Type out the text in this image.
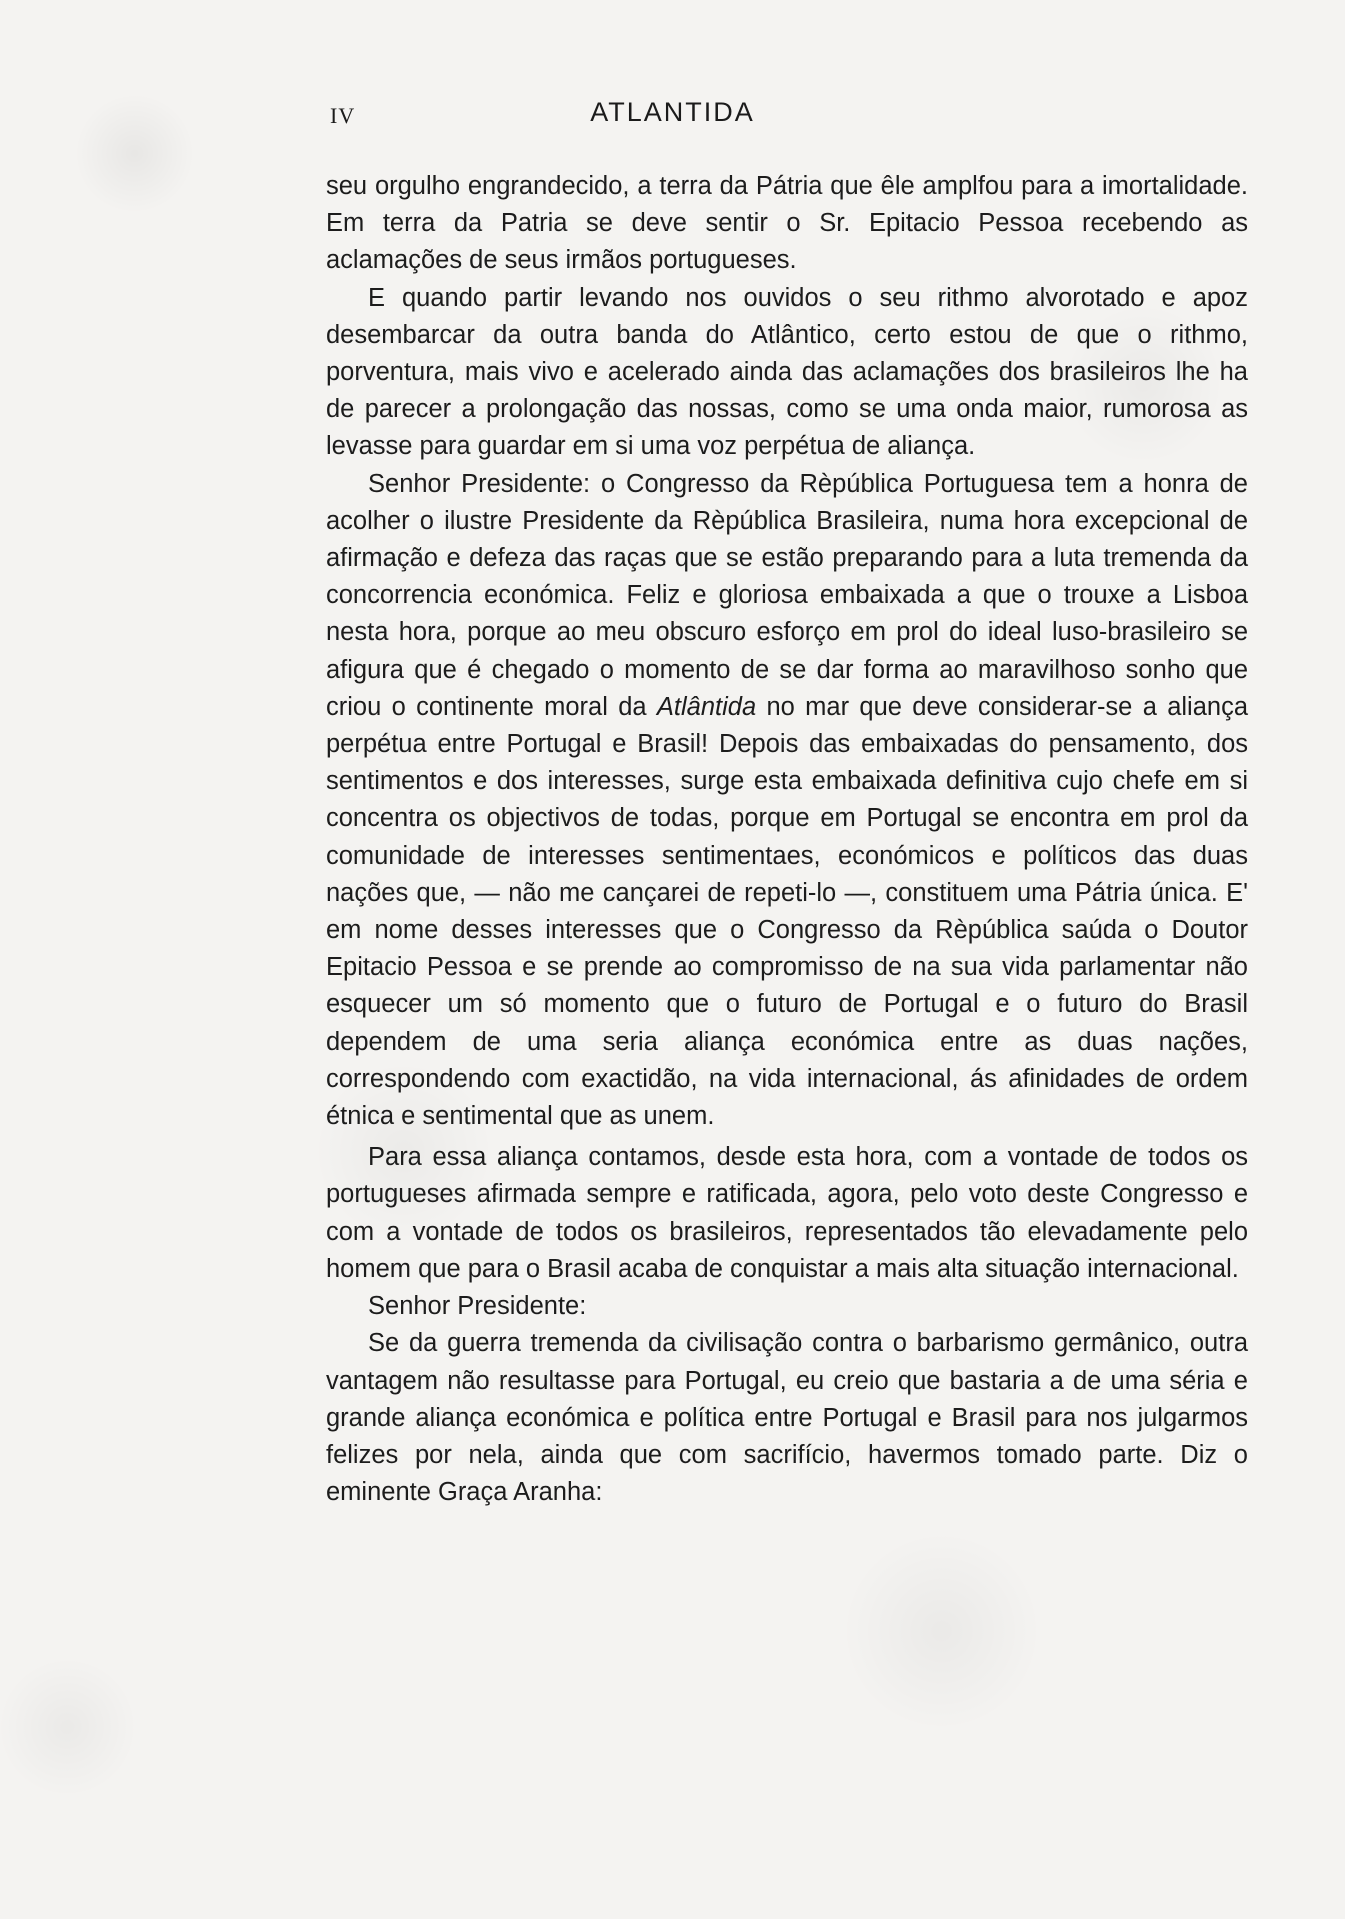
IV	ATLANTIDA

seu orgulho engrandecido, a terra da Pátria que êle amplfou para a imortalidade. Em terra da Patria se deve sentir o Sr. Epitacio Pessoa recebendo as aclamações de seus irmãos portugueses.

E quando partir levando nos ouvidos o seu rithmo alvorotado e apoz desembarcar da outra banda do Atlântico, certo estou de que o rithmo, porventura, mais vivo e acelerado ainda das aclamações dos brasileiros lhe ha de parecer a prolongação das nossas, como se uma onda maior, rumorosa as levasse para guardar em si uma voz perpétua de aliança.

Senhor Presidente: o Congresso da Rèpública Portuguesa tem a honra de acolher o ilustre Presidente da Rèpública Brasileira, numa hora excepcional de afirmação e defeza das raças que se estão preparando para a luta tremenda da concorrencia económica. Feliz e gloriosa embaixada a que o trouxe a Lisboa nesta hora, porque ao meu obscuro esforço em prol do ideal luso-brasileiro se afigura que é chegado o momento de se dar forma ao maravilhoso sonho que criou o continente moral da Atlântida no mar que deve considerar-se a aliança perpétua entre Portugal e Brasil! Depois das embaixadas do pensamento, dos sentimentos e dos interesses, surge esta embaixada definitiva cujo chefe em si concentra os objectivos de todas, porque em Portugal se encontra em prol da comunidade de interesses sentimentaes, económicos e políticos das duas nações que, — não me cançarei de repeti-lo —, constituem uma Pátria única. E' em nome desses interesses que o Congresso da Rèpública saúda o Doutor Epitacio Pessoa e se prende ao compromisso de na sua vida parlamentar não esquecer um só momento que o futuro de Portugal e o futuro do Brasil dependem de uma seria aliança económica entre as duas nações, correspondendo com exactidão, na vida internacional, ás afinidades de ordem étnica e sentimental que as unem.

Para essa aliança contamos, desde esta hora, com a vontade de todos os portugueses afirmada sempre e ratificada, agora, pelo voto deste Congresso e com a vontade de todos os brasileiros, representados tão elevadamente pelo homem que para o Brasil acaba de conquistar a mais alta situação internacional.

Senhor Presidente:

Se da guerra tremenda da civilisação contra o barbarismo germânico, outra vantagem não resultasse para Portugal, eu creio que bastaria a de uma séria e grande aliança económica e política entre Portugal e Brasil para nos julgarmos felizes por nela, ainda que com sacrifício, havermos tomado parte. Diz o eminente Graça Aranha:
